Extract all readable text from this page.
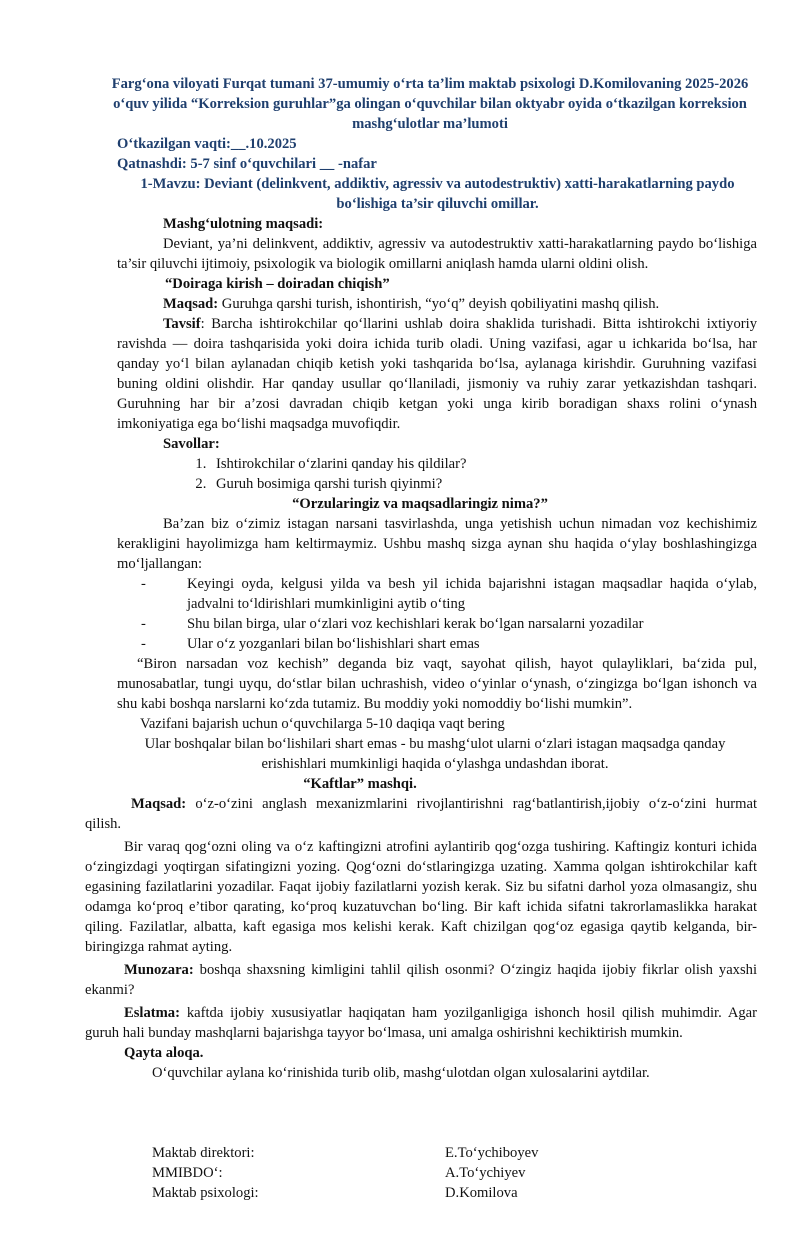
Farg‘ona viloyati Furqat tumani 37-umumiy o‘rta ta’lim maktab psixologi D.Komilovaning 2025-2026 o‘quv yilida “Korreksion guruhlar”ga olingan o‘quvchilar bilan oktyabr oyida o‘tkazilgan korreksion mashg‘ulotlar ma’lumoti
O‘tkazilgan vaqti:__.10.2025
Qatnashdi: 5-7 sinf o‘quvchilari __ -nafar
1-Mavzu: Deviant (delinkvent, addiktiv, agressiv va autodestruktiv) xatti-harakatlarning paydo bo‘lishiga ta’sir qiluvchi omillar.
Mashg‘ulotning maqsadi:
Deviant, ya’ni delinkvent, addiktiv, agressiv va autodestruktiv xatti-harakatlarning paydo bo‘lishiga ta’sir qiluvchi ijtimoiy, psixologik va biologik omillarni aniqlash hamda ularni oldini olish.
“Doiraga kirish – doiradan chiqish”
Maqsad: Guruhga qarshi turish, ishontirish, “yo‘q” deyish qobiliyatini mashq qilish.
Tavsif: Barcha ishtirokchilar qo‘llarini ushlab doira shaklida turishadi. Bitta ishtirokchi ixtiyoriy ravishda — doira tashqarisida yoki doira ichida turib oladi. Uning vazifasi, agar u ichkarida bo‘lsa, har qanday yo‘l bilan aylanadan chiqib ketish yoki tashqarida bo‘lsa, aylanaga kirishdir. Guruhning vazifasi buning oldini olishdir. Har qanday usullar qo‘llaniladi, jismoniy va ruhiy zarar yetkazishdan tashqari. Guruhning har bir a’zosi davradan chiqib ketgan yoki unga kirib boradigan shaxs rolini o‘ynash imkoniyatiga ega bo‘lishi maqsadga muvofiqdir.
Savollar:
1. Ishtirokchilar o‘zlarini qanday his qildilar?
2. Guruh bosimiga qarshi turish qiyinmi?
“Orzularingiz va maqsadlaringiz nima?”
Ba’zan biz o‘zimiz istagan narsani tasvirlashda, unga yetishish uchun nimadan voz kechishimiz kerakligini hayolimizga ham keltirmaymiz. Ushbu mashq sizga aynan shu haqida o‘ylay boshlashingizga mo‘ljallangan:
-	Keyingi oyda, kelgusi yilda va besh yil ichida bajarishni istagan maqsadlar haqida o‘ylab, jadvalni to‘ldirishlari mumkinligini aytib o‘ting
-	Shu bilan birga, ular o‘zlari voz kechishlari kerak bo‘lgan narsalarni yozadilar
-	Ular o‘z yozganlari bilan bo‘lishishlari shart emas
“Biron narsadan voz kechish” deganda biz vaqt, sayohat qilish, hayot qulayliklari, ba‘zida pul, munosabatlar, tungi uyqu, do‘stlar bilan uchrashish, video o‘yinlar o‘ynash, o‘zingizga bo‘lgan ishonch va shu kabi boshqa narslarni ko‘zda tutamiz. Bu moddiy yoki nomoddiy bo‘lishi mumkin”.
Vazifani bajarish uchun o‘quvchilarga 5-10 daqiqa vaqt bering
Ular boshqalar bilan bo‘lishilari shart emas - bu mashg‘ulot ularni o‘zlari istagan maqsadga qanday erishishlari mumkinligi haqida o‘ylashga undashdan iborat.
“Kaftlar” mashqi.
Maqsad: o‘z-o‘zini anglash mexanizmlarini rivojlantirishni rag‘batlantirish,ijobiy o‘z-o‘zini hurmat qilish.
Bir varaq qog‘ozni oling va o‘z kaftingizni atrofini aylantirib qog‘ozga tushiring. Kaftingiz konturi ichida o‘zingizdagi yoqtirgan sifatingizni yozing. Qog‘ozni do‘stlaringizga uzating. Xamma qolgan ishtirokchilar kaft egasining fazilatlarini yozadilar. Faqat ijobiy fazilatlarni yozish kerak. Siz bu sifatni darhol yoza olmasangiz, shu odamga ko‘proq e’tibor qarating, ko‘proq kuzatuvchan bo‘ling. Bir kaft ichida sifatni takrorlamaslikka harakat qiling. Fazilatlar, albatta, kaft egasiga mos kelishi kerak. Kaft chizilgan qog‘oz egasiga qaytib kelganda, bir-biringizga rahmat ayting.
Munozara: boshqa shaxsning kimligini tahlil qilish osonmi? O‘zingiz haqida ijobiy fikrlar olish yaxshi ekanmi?
Eslatma: kaftda ijobiy xususiyatlar haqiqatan ham yozilganligiga ishonch hosil qilish muhimdir. Agar guruh hali bunday mashqlarni bajarishga tayyor bo‘lmasa, uni amalga oshirishni kechiktirish mumkin.
Qayta aloqa.
O‘quvchilar aylana ko‘rinishida turib olib, mashg‘ulotdan olgan xulosalarini aytdilar.
Maktab direktori:	E.To‘ychiboyev
MMIBDO‘:	A.To‘ychiyev
Maktab psixologi:	D.Komilova
